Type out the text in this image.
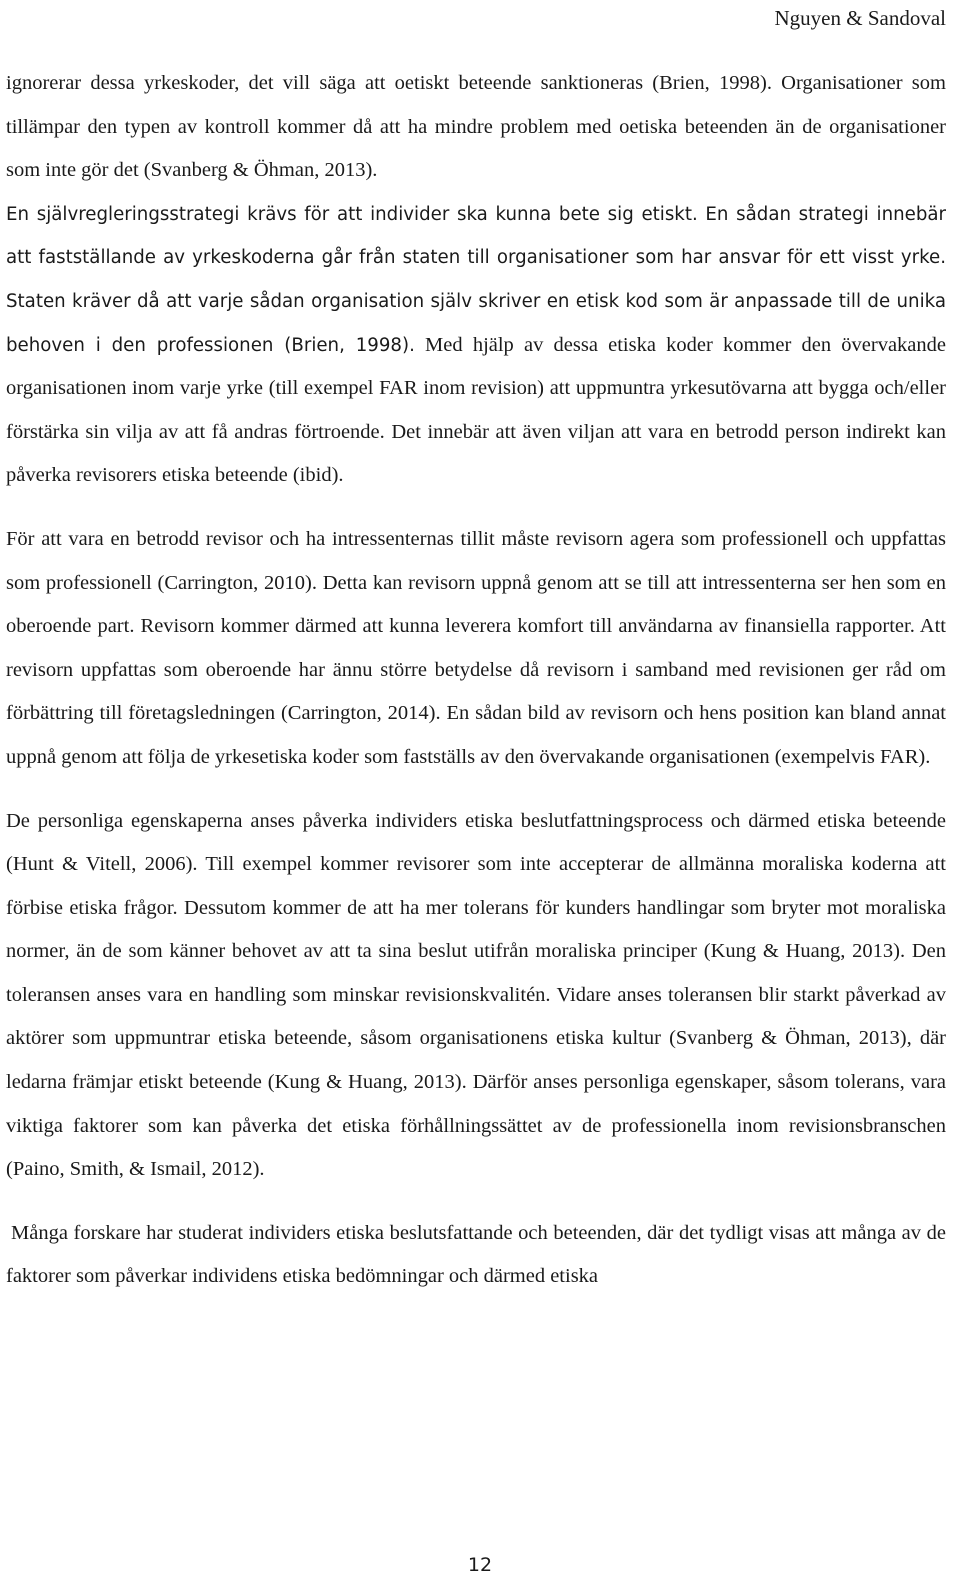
Nguyen & Sandoval

ignorerar dessa yrkeskoder, det vill säga att oetiskt beteende sanktioneras (Brien, 1998). Organisationer som tillämpar den typen av kontroll kommer då att ha mindre problem med oetiska beteenden än de organisationer som inte gör det (Svanberg & Öhman, 2013).

En självregleringsstrategi krävs för att individer ska kunna bete sig etiskt. En sådan strategi innebär att fastställande av yrkeskoderna går från staten till organisationer som har ansvar för ett visst yrke. Staten kräver då att varje sådan organisation själv skriver en etisk kod som är anpassade till de unika behoven i den professionen (Brien, 1998). Med hjälp av dessa etiska koder kommer den övervakande organisationen inom varje yrke (till exempel FAR inom revision) att uppmuntra yrkesutövarna att bygga och/eller förstärka sin vilja av att få andras förtroende. Det innebär att även viljan att vara en betrodd person indirekt kan påverka revisorers etiska beteende (ibid).

För att vara en betrodd revisor och ha intressenternas tillit måste revisorn agera som professionell och uppfattas som professionell (Carrington, 2010). Detta kan revisorn uppnå genom att se till att intressenterna ser hen som en oberoende part. Revisorn kommer därmed att kunna leverera komfort till användarna av finansiella rapporter. Att revisorn uppfattas som oberoende har ännu större betydelse då revisorn i samband med revisionen ger råd om förbättring till företagsledningen (Carrington, 2014). En sådan bild av revisorn och hens position kan bland annat uppnå genom att följa de yrkesetiska koder som fastställs av den övervakande organisationen (exempelvis FAR).

De personliga egenskaperna anses påverka individers etiska beslutfattningsprocess och därmed etiska beteende (Hunt & Vitell, 2006). Till exempel kommer revisorer som inte accepterar de allmänna moraliska koderna att förbise etiska frågor. Dessutom kommer de att ha mer tolerans för kunders handlingar som bryter mot moraliska normer, än de som känner behovet av att ta sina beslut utifrån moraliska principer (Kung & Huang, 2013). Den toleransen anses vara en handling som minskar revisionskvalitén. Vidare anses toleransen blir starkt påverkad av aktörer som uppmuntrar etiska beteende, såsom organisationens etiska kultur (Svanberg & Öhman, 2013), där ledarna främjar etiskt beteende (Kung & Huang, 2013). Därför anses personliga egenskaper, såsom tolerans, vara viktiga faktorer som kan påverka det etiska förhållningssättet av de professionella inom revisionsbranschen (Paino, Smith, & Ismail, 2012).

Många forskare har studerat individers etiska beslutsfattande och beteenden, där det tydligt visas att många av de faktorer som påverkar individens etiska bedömningar och därmed etiska

12
